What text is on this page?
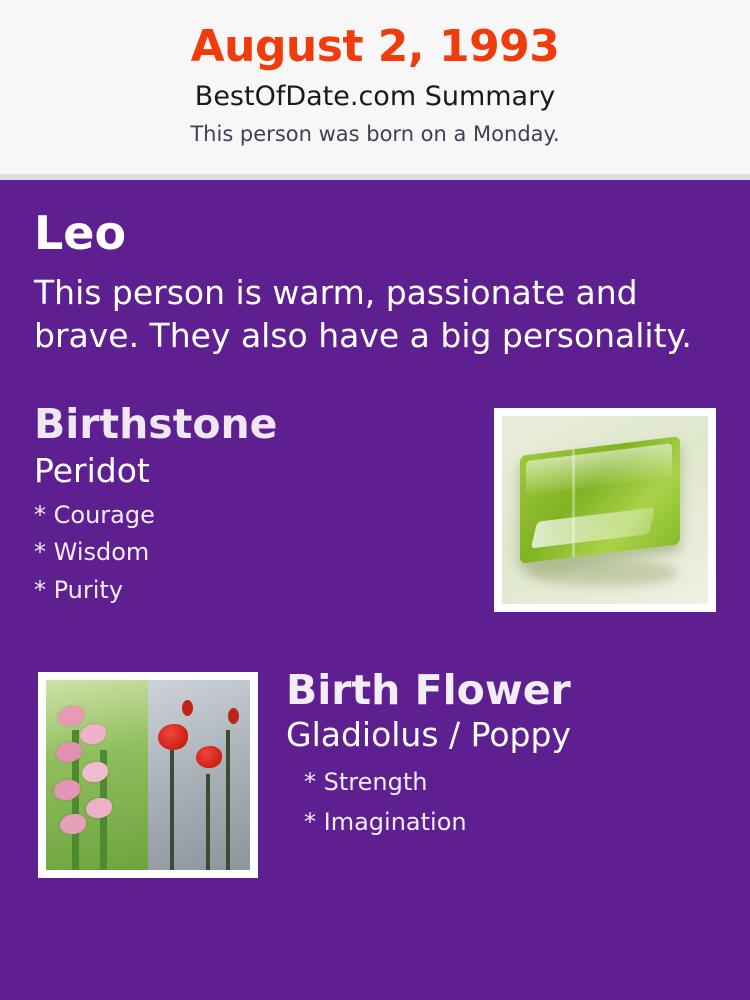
August 2, 1993
BestOfDate.com Summary
This person was born on a Monday.
Leo
This person is warm, passionate and brave. They also have a big personality.
Birthstone
Peridot
* Courage
* Wisdom
* Purity
Birth Flower
Gladiolus / Poppy
* Strength
* Imagination
